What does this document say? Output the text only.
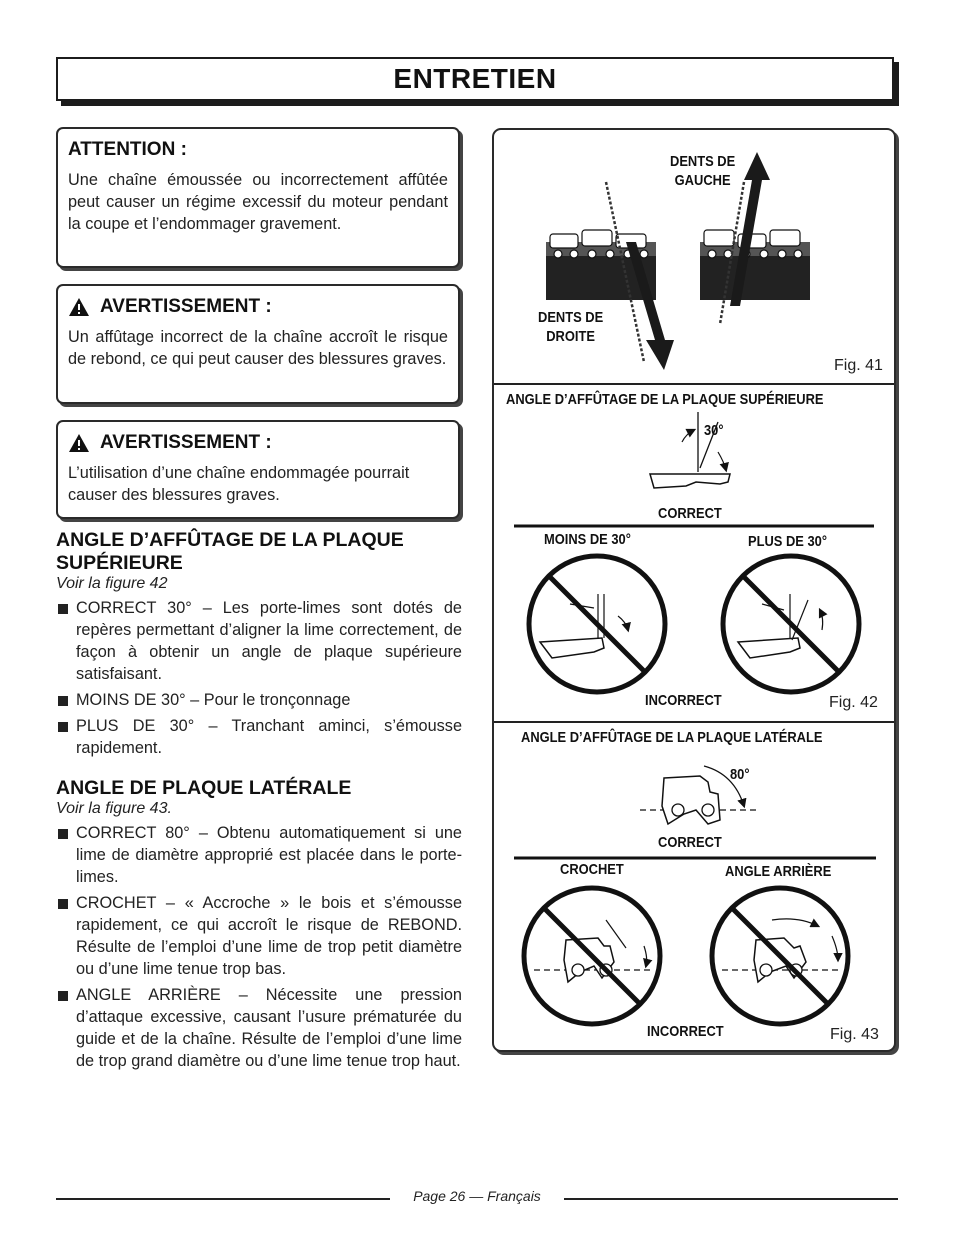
ENTRETIEN
ATTENTION :

Une chaîne émoussée ou incorrectement affûtée peut causer un régime excessif du moteur pendant la coupe et l’endommager gravement.

AVERTISSEMENT :

Un affûtage incorrect de la chaîne accroît le risque de rebond, ce qui peut causer des blessures graves.

AVERTISSEMENT :

L’utilisation d’une chaîne endommagée pourrait causer des blessures graves.

ANGLE D’AFFÛTAGE DE LA PLAQUE SUPÉRIEURE

Voir la figure 42

CORRECT 30° – Les porte-limes sont dotés de repères permettant d’aligner la lime correctement, de façon à obtenir un angle de plaque supérieure satisfaisant.
MOINS DE 30° – Pour le tronçonnage
PLUS DE 30° – Tranchant aminci, s’émousse rapidement.
ANGLE DE PLAQUE LATÉRALE

Voir la figure 43.

CORRECT 80° – Obtenu automatiquement si une lime de diamètre approprié est placée dans le porte-limes.
CROCHET – « Accroche » le bois et s’émousse rapidement, ce qui accroît le risque de REBOND. Résulte de l’emploi d’une lime de trop petit diamètre ou d’une lime tenue trop bas.
ANGLE ARRIÈRE – Nécessite une pression d’attaque excessive, causant l’usure prématurée du guide et de la chaîne. Résulte de l’emploi d’une lime de trop grand diamètre ou d’une lime tenue trop haut.
DENTS DE
GAUCHE
DENTS DE
DROITE
Fig. 41
ANGLE D’AFFÛTAGE DE LA PLAQUE SUPÉRIEURE
30°
CORRECT
MOINS DE 30°	PLUS DE 30°
INCORRECT	Fig. 42
ANGLE D’AFFÛTAGE DE LA PLAQUE LATÉRALE
80°
CORRECT
CROCHET	ANGLE ARRIÈRE
INCORRECT	Fig. 43
Page 26 — Français
